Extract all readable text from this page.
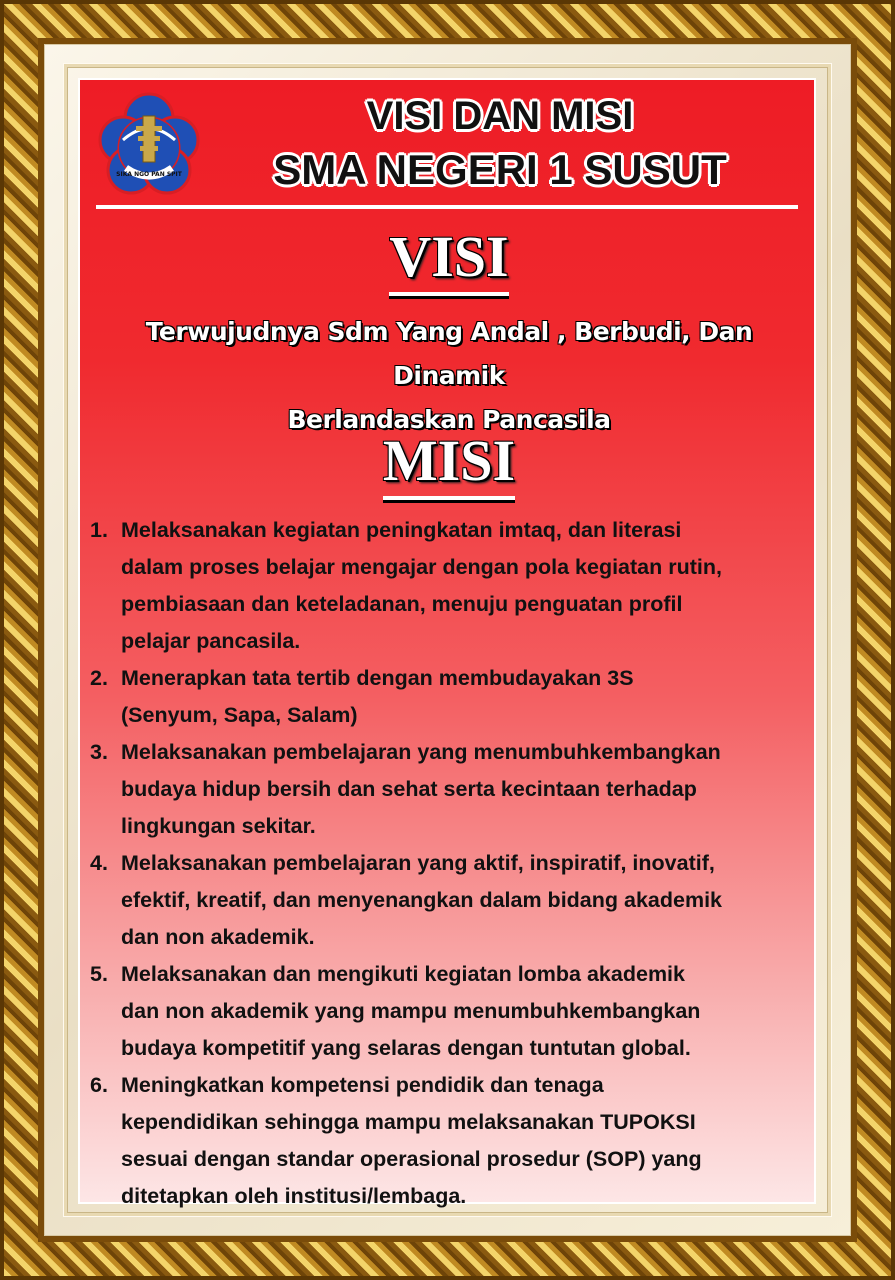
SIKA NGO PAN SPIT
VISI DAN MISI
SMA NEGERI 1 SUSUT
VISI
Terwujudnya Sdm Yang Andal , Berbudi, Dan Dinamik
Berlandaskan Pancasila
MISI
1. Melaksanakan kegiatan peningkatan imtaq, dan literasi
dalam proses belajar mengajar dengan pola kegiatan rutin,
pembiasaan dan keteladanan, menuju penguatan profil
pelajar pancasila.
2. Menerapkan tata tertib dengan membudayakan 3S
(Senyum, Sapa, Salam)
3. Melaksanakan pembelajaran yang menumbuhkembangkan
budaya hidup bersih dan sehat serta kecintaan terhadap
lingkungan sekitar.
4. Melaksanakan pembelajaran yang aktif, inspiratif, inovatif,
efektif, kreatif, dan menyenangkan dalam bidang akademik
dan non akademik.
5. Melaksanakan dan mengikuti kegiatan lomba akademik
dan non akademik yang mampu menumbuhkembangkan
budaya kompetitif yang selaras dengan tuntutan global.
6. Meningkatkan kompetensi pendidik dan tenaga
kependidikan sehingga mampu melaksanakan TUPOKSI
sesuai dengan standar operasional prosedur (SOP) yang
ditetapkan oleh institusi/lembaga.
